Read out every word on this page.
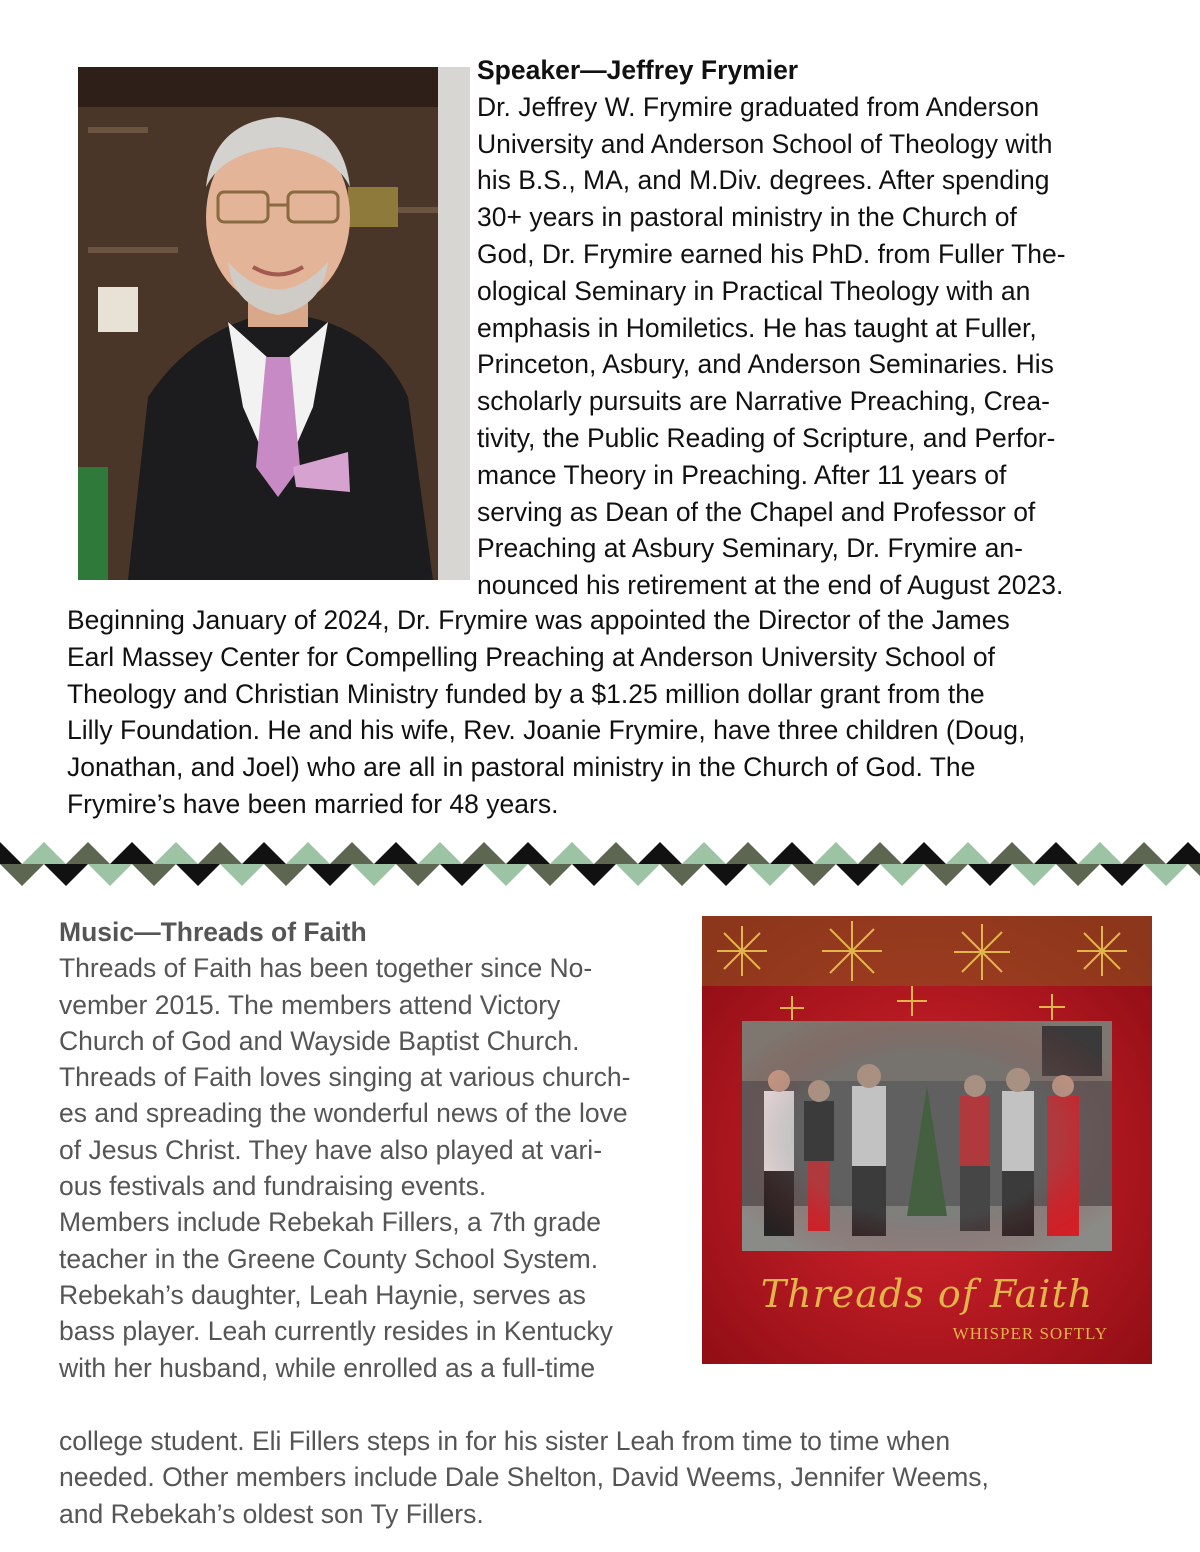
Speaker—Jeffrey Frymier

Dr. Jeffrey W. Frymire graduated from Anderson

University and Anderson School of Theology with

his B.S., MA, and M.Div. degrees. After spending

30+ years in pastoral ministry in the Church of

God, Dr. Frymire earned his PhD. from Fuller The-

ological Seminary in Practical Theology with an

emphasis in Homiletics. He has taught at Fuller,

Princeton, Asbury, and Anderson Seminaries. His

scholarly pursuits are Narrative Preaching, Crea-

tivity, the Public Reading of Scripture, and Perfor-

mance Theory in Preaching. After 11 years of

serving as Dean of the Chapel and Professor of

Preaching at Asbury Seminary, Dr. Frymire an-

nounced his retirement at the end of August 2023.

Beginning January of 2024, Dr. Frymire was appointed the Director of the James

Earl Massey Center for Compelling Preaching at Anderson University School of

Theology and Christian Ministry funded by a $1.25 million dollar grant from the

Lilly Foundation. He and his wife, Rev. Joanie Frymire, have three children (Doug,

Jonathan, and Joel) who are all in pastoral ministry in the Church of God. The

Frymire’s have been married for 48 years.

Music—Threads of Faith

Threads of Faith has been together since No-

vember 2015. The members attend Victory

Church of God and Wayside Baptist Church.

Threads of Faith loves singing at various church-

es and spreading the wonderful news of the love

of Jesus Christ. They have also played at vari-

ous festivals and fundraising events.

Members include Rebekah Fillers, a 7th grade

teacher in the Greene County School System.

Rebekah’s daughter, Leah Haynie, serves as

bass player. Leah currently resides in Kentucky

with her husband, while enrolled as a full-time

college student. Eli Fillers steps in for his sister Leah from time to time when

needed. Other members include Dale Shelton, David Weems, Jennifer Weems,

and Rebekah’s oldest son Ty Fillers.

Threads of Faith
WHISPER SOFTLY
